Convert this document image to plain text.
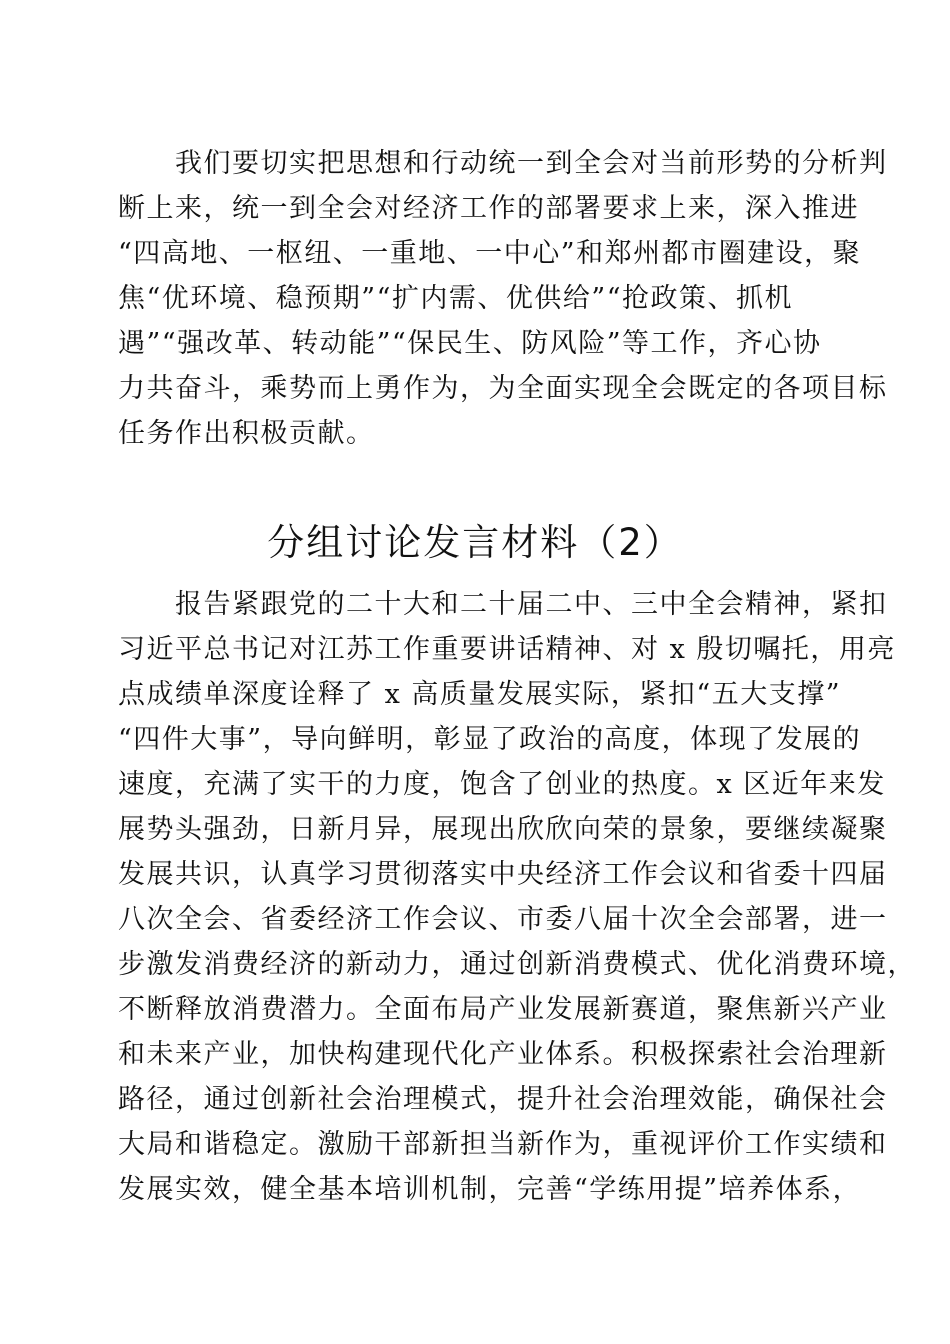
　　我们要切实把思想和行动统一到全会对当前形势的分析判
断上来，统一到全会对经济工作的部署要求上来，深入推进
“四高地、一枢纽、一重地、一中心”和郑州都市圈建设，聚
焦“优环境、稳预期”“扩内需、优供给”“抢政策、抓机
遇”“强改革、转动能”“保民生、防风险”等工作，齐心协
力共奋斗，乘势而上勇作为，为全面实现全会既定的各项目标
任务作出积极贡献。
分组讨论发言材料（2）
　　报告紧跟党的二十大和二十届二中、三中全会精神，紧扣
习近平总书记对江苏工作重要讲话精神、对 x 殷切嘱托，用亮
点成绩单深度诠释了 x 高质量发展实际，紧扣“五大支撑”
“四件大事”，导向鲜明，彰显了政治的高度，体现了发展的
速度，充满了实干的力度，饱含了创业的热度。x 区近年来发
展势头强劲，日新月异，展现出欣欣向荣的景象，要继续凝聚
发展共识，认真学习贯彻落实中央经济工作会议和省委十四届
八次全会、省委经济工作会议、市委八届十次全会部署，进一
步激发消费经济的新动力，通过创新消费模式、优化消费环境，
不断释放消费潜力。全面布局产业发展新赛道，聚焦新兴产业
和未来产业，加快构建现代化产业体系。积极探索社会治理新
路径，通过创新社会治理模式，提升社会治理效能，确保社会
大局和谐稳定。激励干部新担当新作为，重视评价工作实绩和
发展实效，健全基本培训机制，完善“学练用提”培养体系，
